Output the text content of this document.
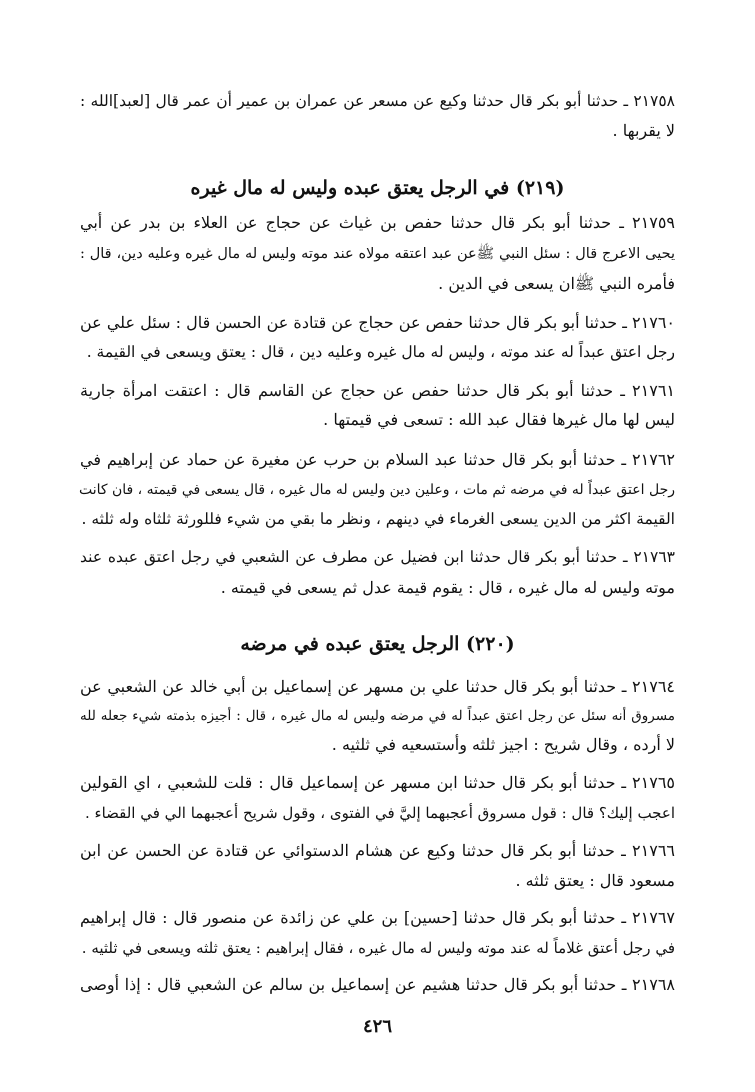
٢١٧٥٨ ـ حدثنا أبو بكر قال حدثنا وكيع عن مسعر عن عمران بن عمير أن عمر قال [لعبد]الله :
لا يقربها .
(٢١٩) في الرجل يعتق عبده وليس له مال غيره
٢١٧٥٩ ـ حدثنا أبو بكر قال حدثنا حفص بن غياث عن حجاج عن العلاء بن بدر عن أبي
يحيى الاعرج قال : سئل النبي ﷺعن عبد اعتقه مولاه عند موته وليس له مال غيره وعليه دين، قال :
فأمره النبي ﷺان يسعى في الدين .
٢١٧٦٠ ـ حدثنا أبو بكر قال حدثنا حفص عن حجاج عن قتادة عن الحسن قال : سئل علي عن
رجل اعتق عبداً له عند موته ، وليس له مال غيره وعليه دين ، قال : يعتق ويسعى في القيمة .
٢١٧٦١ ـ حدثنا أبو بكر قال حدثنا حفص عن حجاج عن القاسم قال : اعتقت امرأة جارية
ليس لها مال غيرها فقال عبد الله : تسعى في قيمتها .
٢١٧٦٢ ـ حدثنا أبو بكر قال حدثنا عبد السلام بن حرب عن مغيرة عن حماد عن إبراهيم في
رجل اعتق عبداً له في مرضه ثم مات ، وعلين دين وليس له مال غيره ، قال يسعى في قيمته ، فان كانت
القيمة اكثر من الدين يسعى الغرماء في دينهم ، ونظر ما بقي من شيء فللورثة ثلثاه وله ثلثه .
٢١٧٦٣ ـ حدثنا أبو بكر قال حدثنا ابن فضيل عن مطرف عن الشعبي في رجل اعتق عبده عند
موته وليس له مال غيره ، قال : يقوم قيمة عدل ثم يسعى في قيمته .
(٢٢٠) الرجل يعتق عبده في مرضه
٢١٧٦٤ ـ حدثنا أبو بكر قال حدثنا علي بن مسهر عن إسماعيل بن أبي خالد عن الشعبي عن
مسروق أنه سئل عن رجل اعتق عبداً له في مرضه وليس له مال غيره ، قال : أجيزه بذمته شيء جعله لله
لا أرده ، وقال شريح : اجيز ثلثه وأستسعيه في ثلثيه .
٢١٧٦٥ ـ حدثنا أبو بكر قال حدثنا ابن مسهر عن إسماعيل قال : قلت للشعبي ، اي القولين
اعجب إليك؟ قال : قول مسروق أعجبهما إليَّ في الفتوى ، وقول شريح أعجبهما الي في القضاء .
٢١٧٦٦ ـ حدثنا أبو بكر قال حدثنا وكيع عن هشام الدستوائي عن قتادة عن الحسن عن ابن
مسعود قال : يعتق ثلثه .
٢١٧٦٧ ـ حدثنا أبو بكر قال حدثنا [حسين] بن علي عن زائدة عن منصور قال : قال إبراهيم
في رجل أعتق غلاماً له عند موته وليس له مال غيره ، فقال إبراهيم : يعتق ثلثه ويسعى في ثلثيه .
٢١٧٦٨ ـ حدثنا أبو بكر قال حدثنا هشيم عن إسماعيل بن سالم عن الشعبي قال : إذا أوصى
٤٢٦
